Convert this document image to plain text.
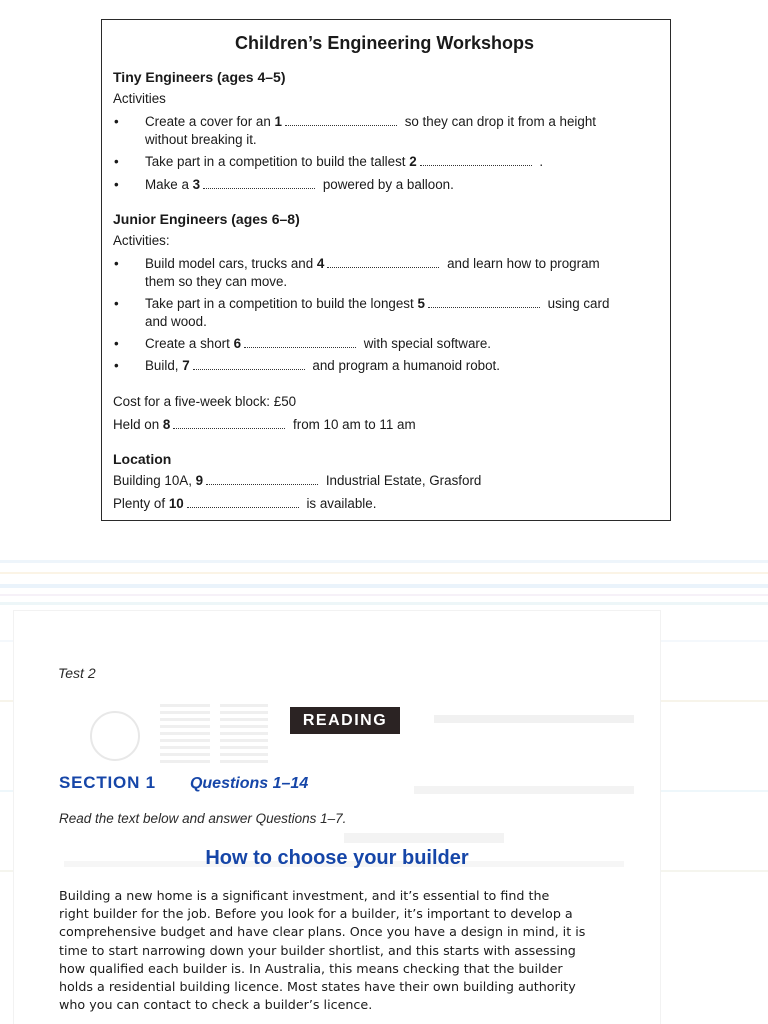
Children’s Engineering Workshops
Tiny Engineers (ages 4–5)
Activities
• Create a cover for an 1	so they can drop it from a height
without breaking it.
• Take part in a competition to build the tallest 2	.
• Make a 3	powered by a balloon.
Junior Engineers (ages 6–8)
Activities:
• Build model cars, trucks and 4	and learn how to program
them so they can move.
• Take part in a competition to build the longest 5	using card
and wood.
• Create a short 6	with special software.
• Build, 7	and program a humanoid robot.
Cost for a five-week block: £50
Held on 8	from 10 am to 11 am
Location
Building 10A, 9	Industrial Estate, Grasford
Plenty of 10	is available.
Test 2
READING
SECTION 1 Questions 1–14
Read the text below and answer Questions 1–7.
How to choose your builder
Building a new home is a significant investment, and it’s essential to find the
right builder for the job. Before you look for a builder, it’s important to develop a
comprehensive budget and have clear plans. Once you have a design in mind, it is
time to start narrowing down your builder shortlist, and this starts with assessing
how qualified each builder is. In Australia, this means checking that the builder
holds a residential building licence. Most states have their own building authority
who you can contact to check a builder’s licence.
